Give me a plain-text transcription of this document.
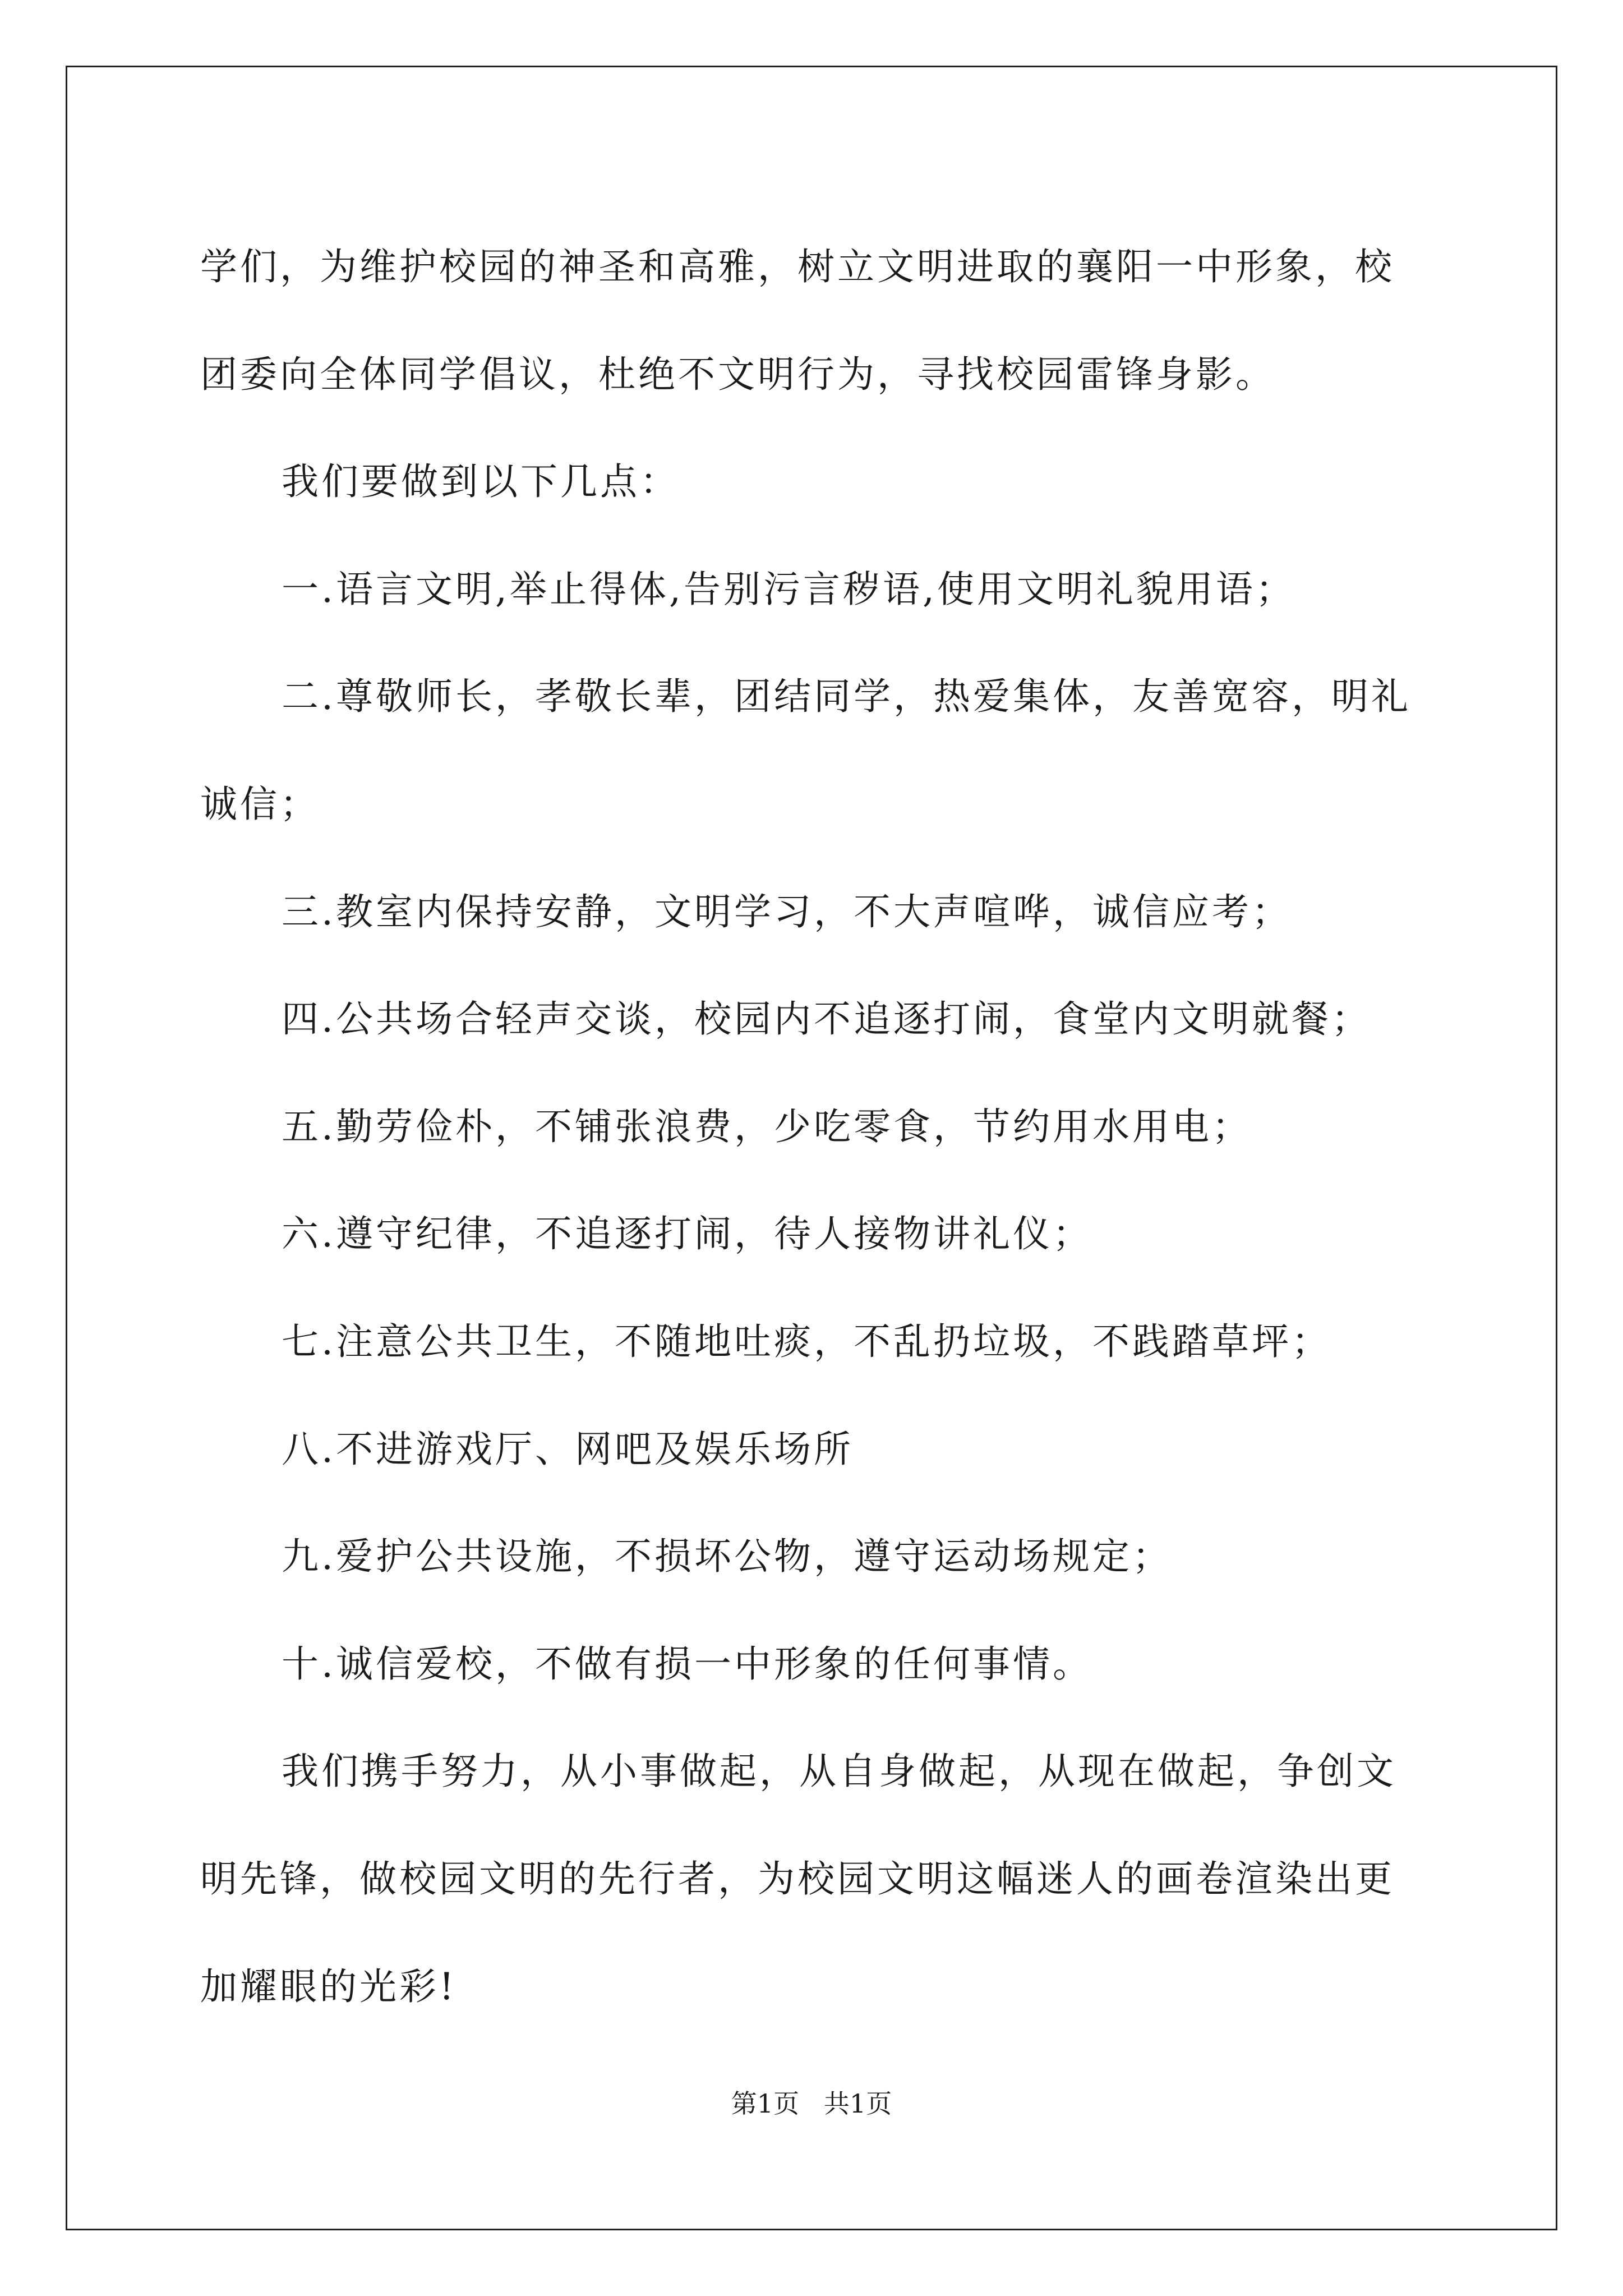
学们，为维护校园的神圣和高雅，树立文明进取的襄阳一中形象，校
团委向全体同学倡议，杜绝不文明行为，寻找校园雷锋身影。
我们要做到以下几点：
一.语言文明,举止得体,告别污言秽语,使用文明礼貌用语；
二.尊敬师长，孝敬长辈，团结同学，热爱集体，友善宽容，明礼
诚信；
三.教室内保持安静，文明学习，不大声喧哗，诚信应考；
四.公共场合轻声交谈，校园内不追逐打闹，食堂内文明就餐；
五.勤劳俭朴，不铺张浪费，少吃零食，节约用水用电；
六.遵守纪律，不追逐打闹，待人接物讲礼仪；
七.注意公共卫生，不随地吐痰，不乱扔垃圾，不践踏草坪；
八.不进游戏厅、网吧及娱乐场所
九.爱护公共设施，不损坏公物，遵守运动场规定；
十.诚信爱校，不做有损一中形象的任何事情。
我们携手努力，从小事做起，从自身做起，从现在做起，争创文
明先锋，做校园文明的先行者，为校园文明这幅迷人的画卷渲染出更
加耀眼的光彩!
第1页   共1页
